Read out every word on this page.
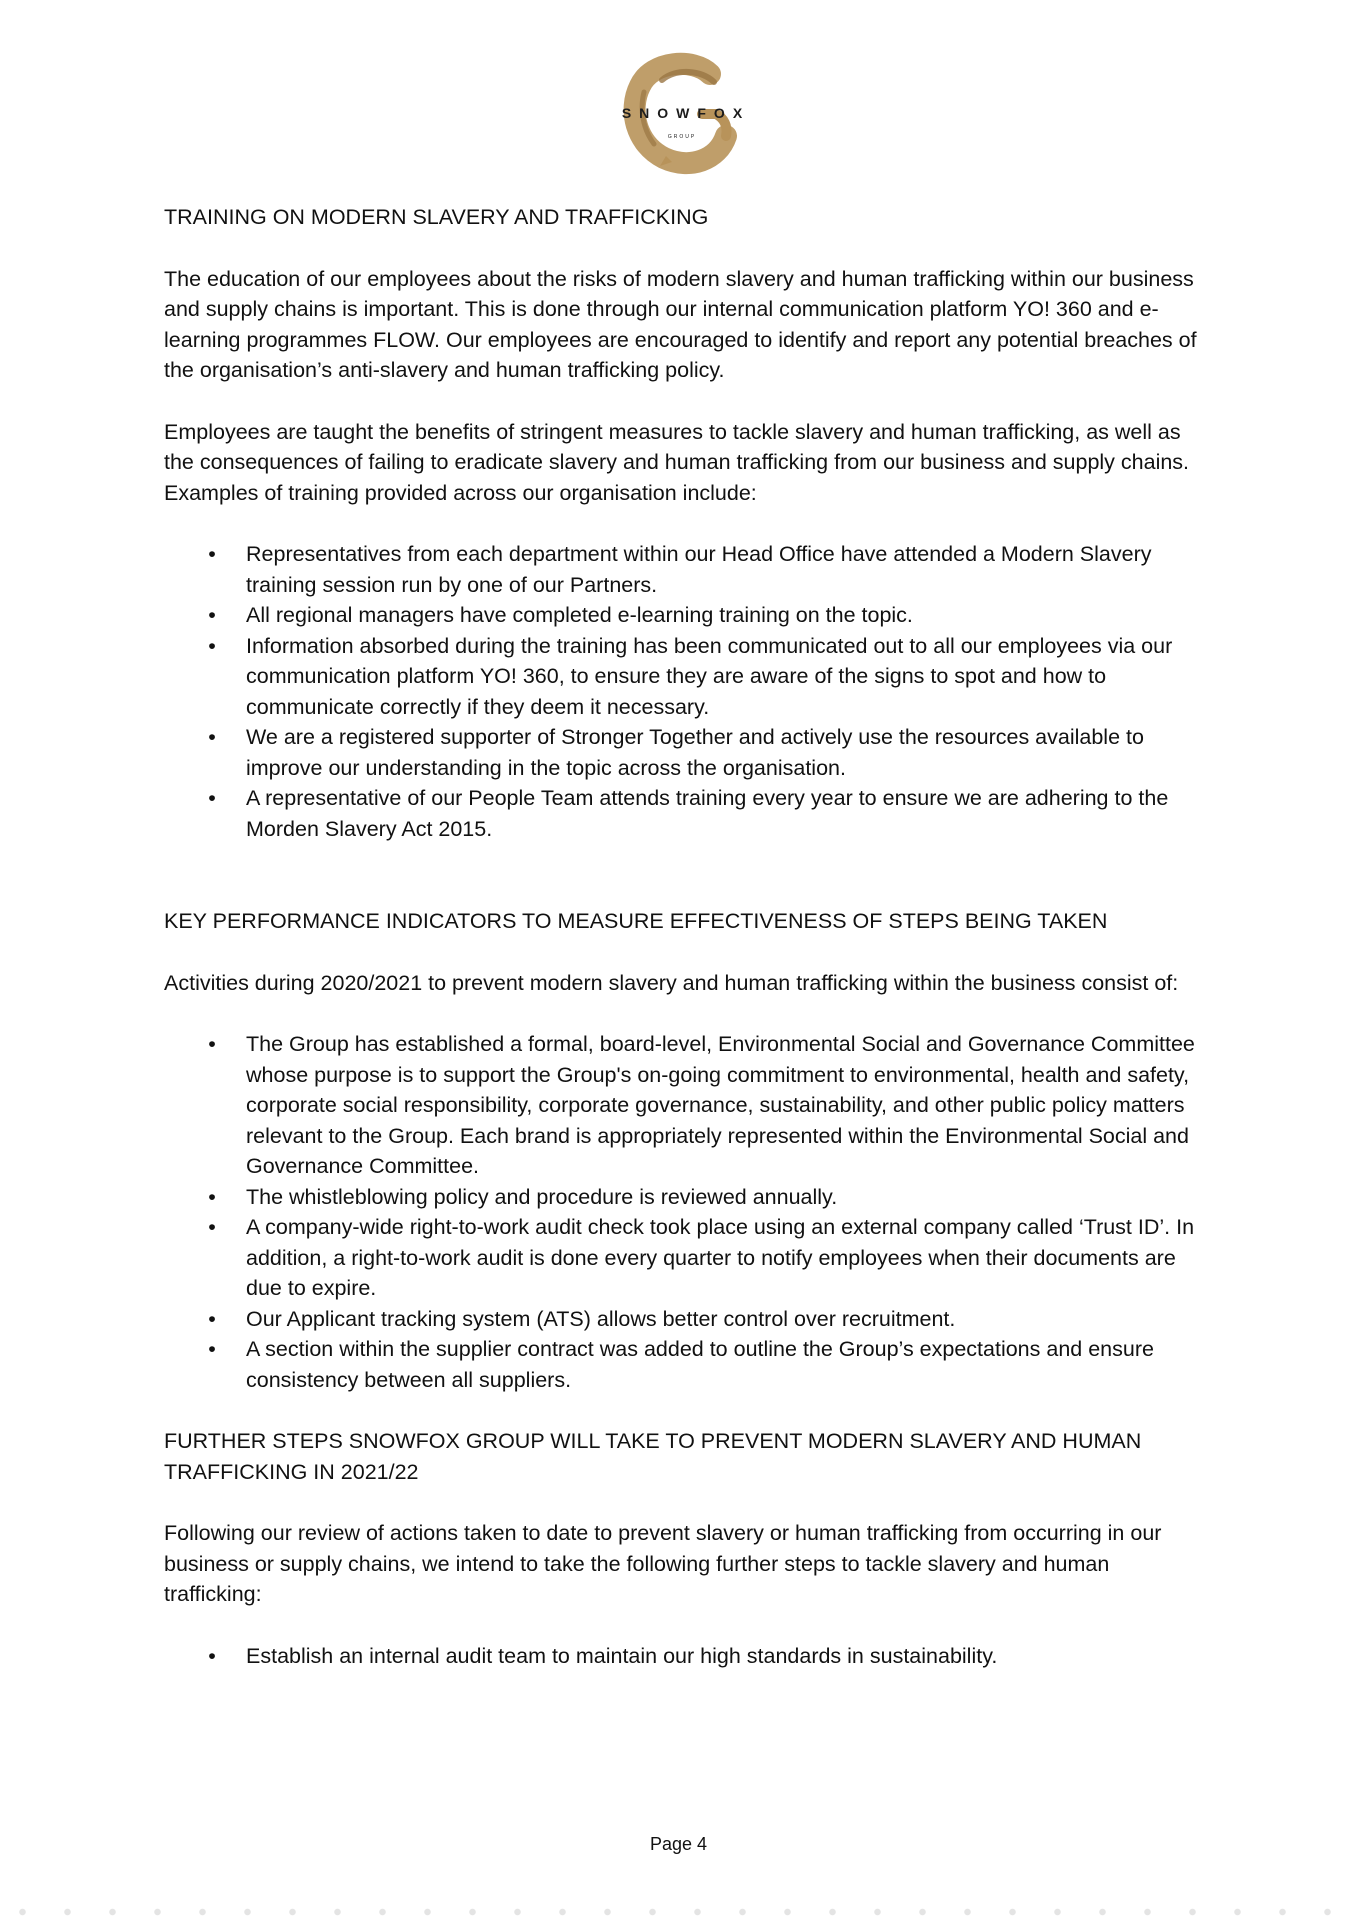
SNOWFOX
GROUP

TRAINING ON MODERN SLAVERY AND TRAFFICKING

The education of our employees about the risks of modern slavery and human trafficking within our business and supply chains is important. This is done through our internal communication platform YO! 360 and e-learning programmes FLOW. Our employees are encouraged to identify and report any potential breaches of the organisation’s anti-slavery and human trafficking policy.

Employees are taught the benefits of stringent measures to tackle slavery and human trafficking, as well as the consequences of failing to eradicate slavery and human trafficking from our business and supply chains. Examples of training provided across our organisation include:

• Representatives from each department within our Head Office have attended a Modern Slavery training session run by one of our Partners.
• All regional managers have completed e-learning training on the topic.
• Information absorbed during the training has been communicated out to all our employees via our communication platform YO! 360, to ensure they are aware of the signs to spot and how to communicate correctly if they deem it necessary.
• We are a registered supporter of Stronger Together and actively use the resources available to improve our understanding in the topic across the organisation.
• A representative of our People Team attends training every year to ensure we are adhering to the Morden Slavery Act 2015.

KEY PERFORMANCE INDICATORS TO MEASURE EFFECTIVENESS OF STEPS BEING TAKEN

Activities during 2020/2021 to prevent modern slavery and human trafficking within the business consist of:

• The Group has established a formal, board-level, Environmental Social and Governance Committee whose purpose is to support the Group's on-going commitment to environmental, health and safety, corporate social responsibility, corporate governance, sustainability, and other public policy matters relevant to the Group. Each brand is appropriately represented within the Environmental Social and Governance Committee.
• The whistleblowing policy and procedure is reviewed annually.
• A company-wide right-to-work audit check took place using an external company called ‘Trust ID’. In addition, a right-to-work audit is done every quarter to notify employees when their documents are due to expire.
• Our Applicant tracking system (ATS) allows better control over recruitment.
• A section within the supplier contract was added to outline the Group’s expectations and ensure consistency between all suppliers.

FURTHER STEPS SNOWFOX GROUP WILL TAKE TO PREVENT MODERN SLAVERY AND HUMAN TRAFFICKING IN 2021/22

Following our review of actions taken to date to prevent slavery or human trafficking from occurring in our business or supply chains, we intend to take the following further steps to tackle slavery and human trafficking:

• Establish an internal audit team to maintain our high standards in sustainability.
Page 4
